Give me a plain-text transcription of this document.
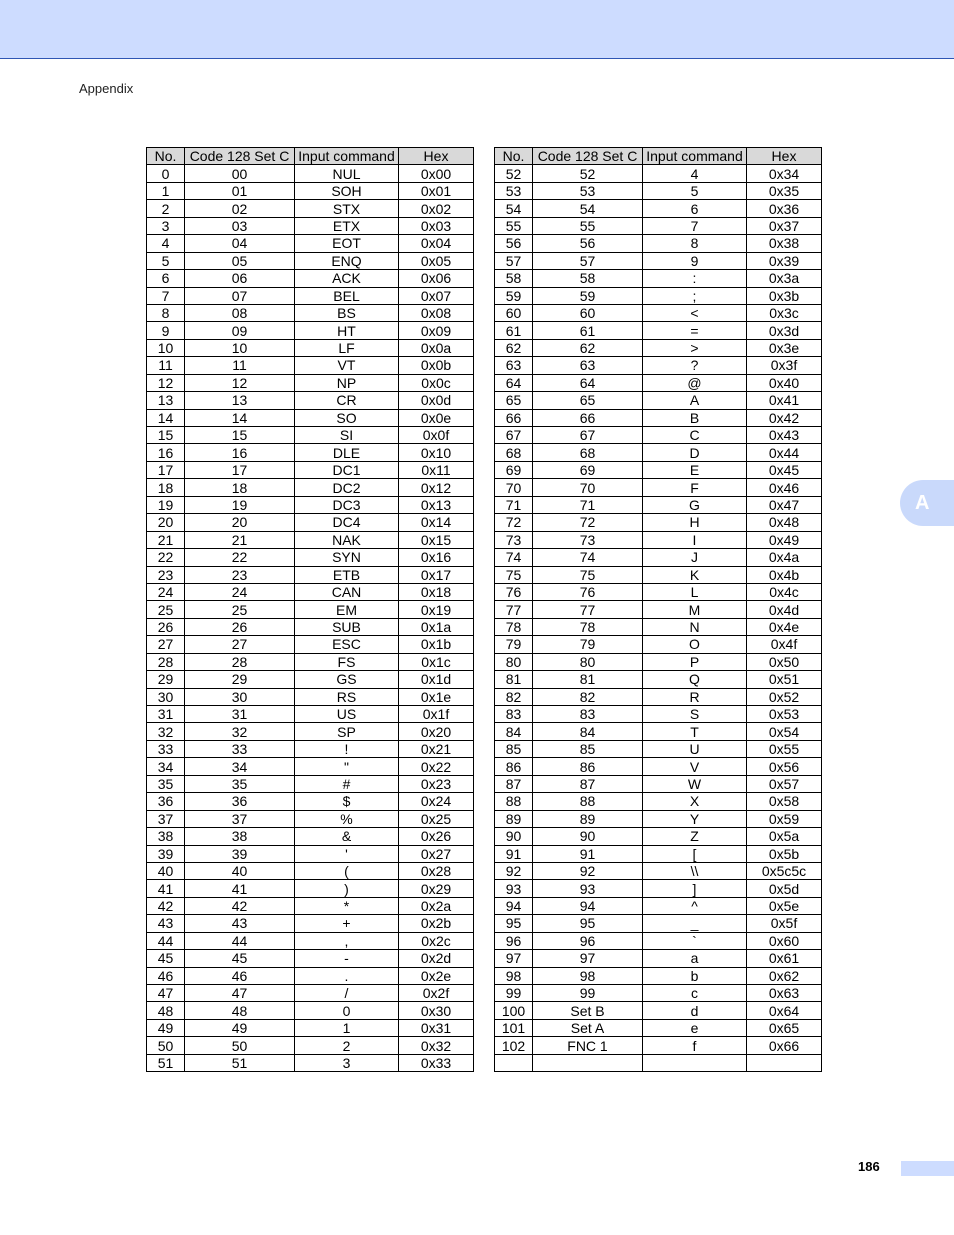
Appendix
No.	Code 128 Set C	Input command	Hex
0	00	NUL	0x00
1	01	SOH	0x01
2	02	STX	0x02
3	03	ETX	0x03
4	04	EOT	0x04
5	05	ENQ	0x05
6	06	ACK	0x06
7	07	BEL	0x07
8	08	BS	0x08
9	09	HT	0x09
10	10	LF	0x0a
11	11	VT	0x0b
12	12	NP	0x0c
13	13	CR	0x0d
14	14	SO	0x0e
15	15	SI	0x0f
16	16	DLE	0x10
17	17	DC1	0x11
18	18	DC2	0x12
19	19	DC3	0x13
20	20	DC4	0x14
21	21	NAK	0x15
22	22	SYN	0x16
23	23	ETB	0x17
24	24	CAN	0x18
25	25	EM	0x19
26	26	SUB	0x1a
27	27	ESC	0x1b
28	28	FS	0x1c
29	29	GS	0x1d
30	30	RS	0x1e
31	31	US	0x1f
32	32	SP	0x20
33	33	!	0x21
34	34	"	0x22
35	35	#	0x23
36	36	$	0x24
37	37	%	0x25
38	38	&	0x26
39	39	'	0x27
40	40	(	0x28
41	41	)	0x29
42	42	*	0x2a
43	43	+	0x2b
44	44	,	0x2c
45	45	-	0x2d
46	46	.	0x2e
47	47	/	0x2f
48	48	0	0x30
49	49	1	0x31
50	50	2	0x32
51	51	3	0x33
No.	Code 128 Set C	Input command	Hex
52	52	4	0x34
53	53	5	0x35
54	54	6	0x36
55	55	7	0x37
56	56	8	0x38
57	57	9	0x39
58	58	:	0x3a
59	59	;	0x3b
60	60	<	0x3c
61	61	=	0x3d
62	62	>	0x3e
63	63	?	0x3f
64	64	@	0x40
65	65	A	0x41
66	66	B	0x42
67	67	C	0x43
68	68	D	0x44
69	69	E	0x45
70	70	F	0x46
71	71	G	0x47
72	72	H	0x48
73	73	I	0x49
74	74	J	0x4a
75	75	K	0x4b
76	76	L	0x4c
77	77	M	0x4d
78	78	N	0x4e
79	79	O	0x4f
80	80	P	0x50
81	81	Q	0x51
82	82	R	0x52
83	83	S	0x53
84	84	T	0x54
85	85	U	0x55
86	86	V	0x56
87	87	W	0x57
88	88	X	0x58
89	89	Y	0x59
90	90	Z	0x5a
91	91	[	0x5b
92	92	\\	0x5c5c
93	93	]	0x5d
94	94	^	0x5e
95	95	_	0x5f
96	96	`	0x60
97	97	a	0x61
98	98	b	0x62
99	99	c	0x63
100	Set B	d	0x64
101	Set A	e	0x65
102	FNC 1	f	0x66

A
186
